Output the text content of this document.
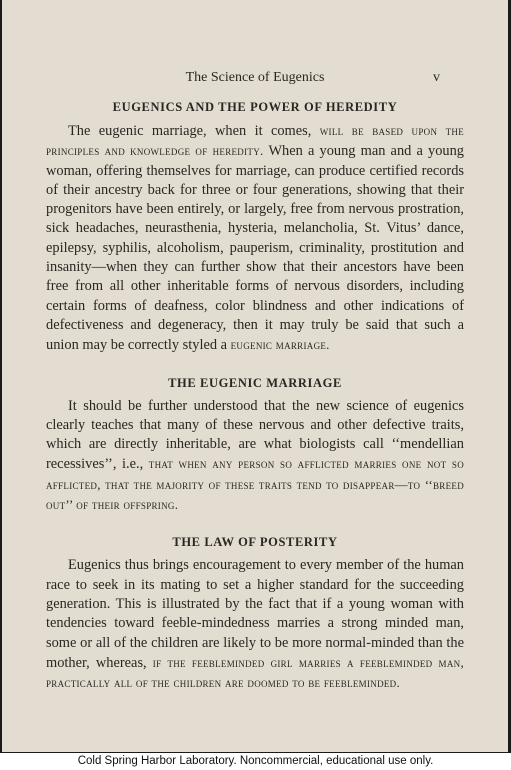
The Science of Eugenics	v
EUGENICS AND THE POWER OF HEREDITY

The eugenic marriage, when it comes, will be based upon the principles and knowledge of heredity. When a young man and a young woman, offering themselves for marriage, can produce certified records of their ancestry back for three or four generations, showing that their progenitors have been entirely, or largely, free from nervous prostration, sick headaches, neurasthenia, hysteria, melancholia, St. Vitus’ dance, epilepsy, syphilis, alcoholism, pauperism, criminality, prostitution and insanity—when they can further show that their ancestors have been free from all other inheritable forms of nervous disorders, including certain forms of deafness, color blindness and other indications of defectiveness and degeneracy, then it may truly be said that such a union may be correctly styled a eugenic marriage.

THE EUGENIC MARRIAGE

It should be further understood that the new science of eugenics clearly teaches that many of these nervous and other defective traits, which are directly inheritable, are what biologists call ‘‘mendellian recessives’’, i.e., that when any person so afflicted marries one not so afflicted, that the majority of these traits tend to disappear—to ‘‘breed out’’ of their offspring.

THE LAW OF POSTERITY

Eugenics thus brings encouragement to every member of the human race to seek in its mating to set a higher standard for the succeeding generation. This is illustrated by the fact that if a young woman with tendencies toward feeble-mindedness marries a strong minded man, some or all of the children are likely to be more normal-minded than the mother, whereas, if the feebleminded girl marries a feebleminded man, practically all of the children are doomed to be feebleminded.

Cold Spring Harbor Laboratory. Noncommercial, educational use only.
